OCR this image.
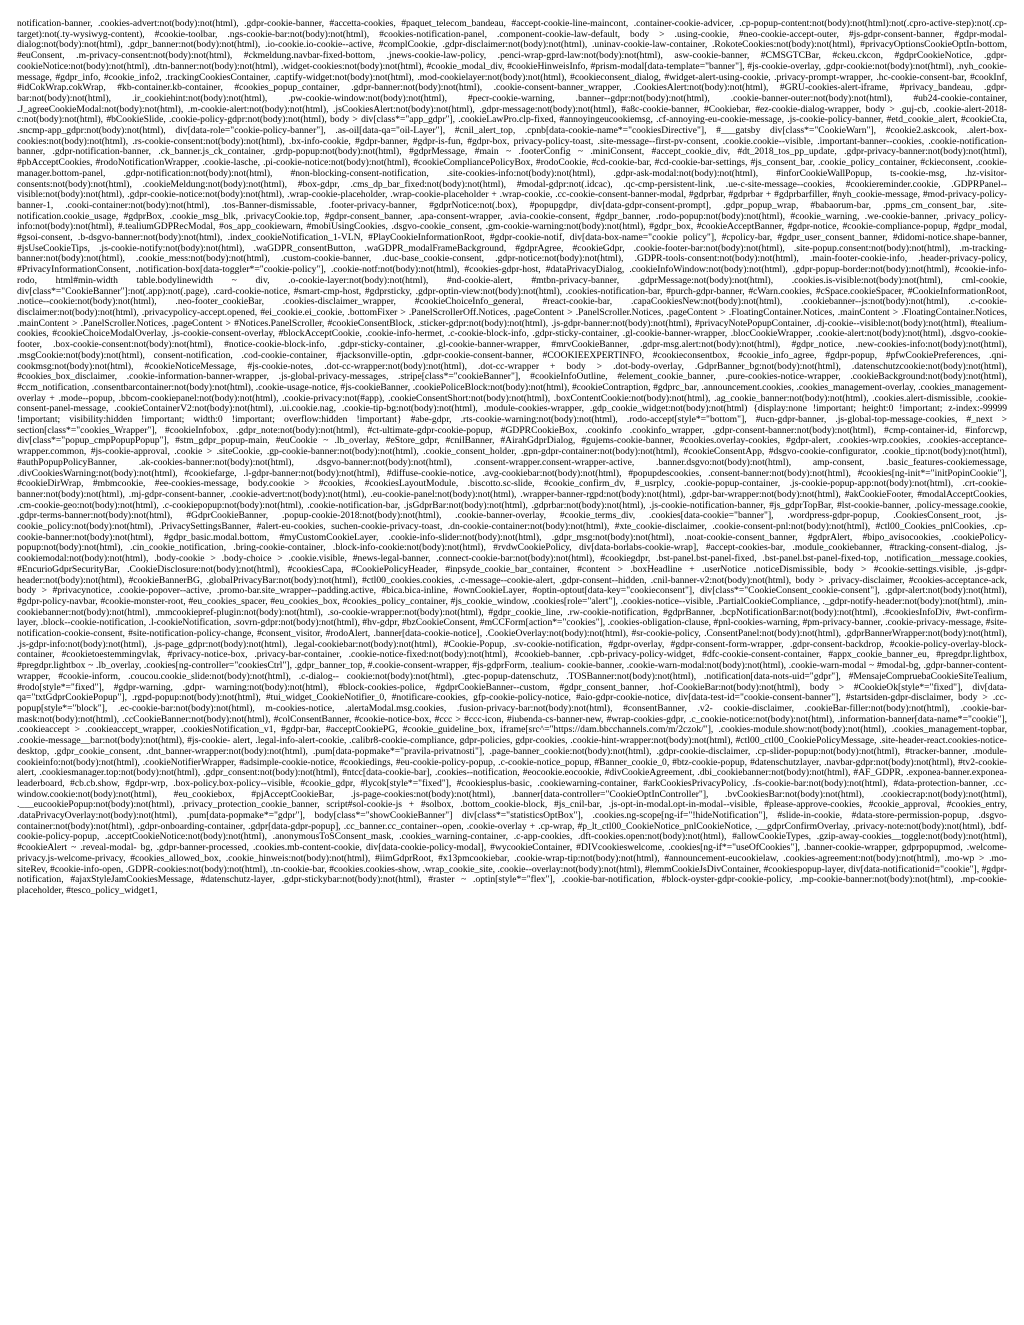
notification-banner, .cookies-advert:not(body):not(html), .gdpr-cookie-banner, #accetta-cookies, #paquet_telecom_bandeau, #accept-cookie-line-maincont, .container-cookie-advicer, .cp-popup-content:not(body):not(html):not(.cpro-active-step):not(.cp-target):not(.ty-wysiwyg-content), #cookie-toolbar, .ngs-cookie-bar:not(body):not(html), #cookies-notification-panel, .component-cookie-law-default, body > .using-cookie, #neo-cookie-accept-outer, #js-gdpr-consent-banner, #gdpr-modal-dialog:not(body):not(html), .gdpr_banner:not(body):not(html), .io-cookie.io-cookie--active, #complCookie, .gdpr-disclaimer:not(body):not(html), .uninav-cookie-law-container, .RokoteCookies:not(body):not(html), #privacyOptionsCookieOptIn-bottom, #euConsent, .m-privacy-consent:not(body):not(html), #ckmeldung.navbar-fixed-bottom, .jnews-cookie-law-policy, .penci-wrap-gprd-law:not(body):not(html), asw-cookie-banner, #CMSGTCBar, #ckeu.ckcon, #gdprCookieNotice, .gdpr-cookieNotice:not(body):not(html), .dtn-banner:not(body):not(html), .widget-cookies:not(body):not(html), #cookie_modal_div, #cookieHinweisInfo, #prism-modal[data-template="banner"], #js-cookie-overlay, .gdpr-cookie:not(body):not(html), .nyh_cookie-message, #gdpr_info, #cookie_info2, .trackingCookiesContainer, .captify-widget:not(body):not(html), .mod-cookielayer:not(body):not(html), #cookieconsent_dialog, #widget-alert-using-cookie, .privacy-prompt-wrapper, .hc-cookie-consent-bar, #cookInf, #idCokWrap.cokWrap, #kb-container.kb-container, #cookies_popup_container, .gdpr-banner:not(body):not(html), .cookie-consent-banner_wrapper, .CookiesAlert:not(body):not(html), #GRU-cookies-alert-iframe, #privacy_bandeau, .gdpr-bar:not(body):not(html), .ir_cookiehint:not(body):not(html), .pw-cookie-window:not(body):not(html), #pecr-cookie-warning, .banner--gdpr:not(body):not(html), .cookie-banner-outer:not(body):not(html), #ub24-cookie-container, .J_agreeCookieModal:not(body):not(html), .m-cookie-alert:not(body):not(html), .jsCookiesAlert:not(body):not(html), .gdpr-message:not(body):not(html), #a8c-cookie-banner, #Cookiebar, #ez-cookie-dialog-wrapper, body > .guj-cb, .cookie-alert-2018-c:not(body):not(html), #bCookieSlide, .cookie-policy-gdpr:not(body):not(html), body > div[class*="app_gdpr"], .cookieLawPro.clp-fixed, #annoyingeucookiemsg, .cf-annoying-eu-cookie-message, .js-cookie-policy-banner, #etd_cookie_alert, #cookieCta, .sncmp-app_gdpr:not(body):not(html), div[data-role="cookie-policy-banner"], .as-oil[data-qa="oil-Layer"], #cnil_alert_top, .cpnb[data-cookie-name*="cookiesDirective"], #___gatsby div[class*="CookieWarn"], #cookie2.askcook, .alert-box-cookies:not(body):not(html), .rs-cookie-consent:not(body):not(html), .bx-info-cookie, #gdpr-banner, #gdpr-is-fun, #gdpr-box, privacy-policy-toast, .site-message--first-pv-consent, .cookie.cookie--visible, .important-banner--cookies, .cookie-notification-banner, .gdpr-notification-banner, .ck_banner.js_ck_container, .grdp-popup:not(body):not(html), #gdprMessage, #main ~ .footerConfig ~ .miniConsent, #accept_cookie_div, #dt_2018_tos_pp_update, .gdpr-privacy-banner:not(body):not(html), #pbAcceptCookies, #rodoNotificationWrapper, .cookie-lasche, .pi-cookie-notice:not(body):not(html), #cookieCompliancePolicyBox, #rodoCookie, #cd-cookie-bar, #cd-cookie-bar-settings, #js_consent_bar, .cookie_policy_container, #ckieconsent, .cookie-manager.bottom-panel, .gdpr-notification:not(body):not(html), #non-blocking-consent-notification, .site-cookies-info:not(body):not(html), .gdpr-ask-modal:not(body):not(html), #inforCookieWallPopup, ts-cookie-msg, .hz-visitor-consents:not(body):not(html), .cookieMeldung:not(body):not(html), #box-gdpr, .cms_dp_bar_fixed:not(body):not(html), #modal-gdpr:not(.idcac), .qc-cmp-persistent-link, .ue-c-site-message--cookies, #cookiereminder.cookie, .GDPRPanel--visible:not(body):not(html), .gdpr-cookie-notice:not(body):not(html), .wrap-cookie-placeholder, .wrap-cookie-placeholder + .wrap-cookie, .cc-cookie-consent-banner-modal, #gdprbar, #gdprbar + #gdprbarfiller, #nyh_cookie-message, #mod-privacy-policy-banner-1, .cooki-container:not(body):not(html), .tos-Banner-dismissable, .footer-privacy-banner, #gdprNotice:not(.box), #popupgdpr, div[data-gdpr-consent-prompt], .gdpr_popup_wrap, #babaorum-bar, .ppms_cm_consent_bar, .site-notification.cookie_usage, #gdprBox, .cookie_msg_blk, .privacyCookie.top, #gdpr-consent_banner, .apa-consent-wrapper, .avia-cookie-consent, #gdpr_banner, .rodo-popup:not(body):not(html), #cookie_warning, .we-cookie-banner, .privacy_policy-info:not(body):not(html), #.tealiumGDPRecModal, #os_app_cookiewarn, #mobiUsingCookies, .dsgvo-cookie_consent, .gm-cookie-warning:not(body):not(html), #gdpr_box, #cookieAcceptBanner, #gdpr-notice, #cookie-compliance-popup, #gdpr_modal, #gsoi-consent, .b-dsgvo-banner:not(body):not(html), .index_cookieNotification_1-VLN, #PlayCookieInformationRoot, #gdpr-cookie-notif, div[data-box-name="cookie policy"], #cpolicy-bar, #gdpr_user_consent_banner, #didomi-notice.shape-banner, #jsUseCookieTips, .js-cookie-notify:not(body):not(html), .waGDPR_consentButton, .waGDPR_modalFrameBackground, #gdprAgree, #cookieGdpr, .cookie-footer-bar:not(body):not(html), .site-popup.consent:not(body):not(html), .m-tracking-banner:not(body):not(html), .cookie_mess:not(body):not(html), .custom-cookie-banner, .duc-base_cookie-consent, .gdpr-notice:not(body):not(html), .GDPR-tools-consent:not(body):not(html), .main-footer-cookie-info, .header-privacy-policy, #PrivacyInformationConsent, .notification-box[data-toggler*="cookie-policy"], .cookie-notf:not(body):not(html), #cookies-gdpr-host, #dataPrivacyDialog, .cookieInfoWindow:not(body):not(html), .gdpr-popup-border:not(body):not(html), #cookie-info-rodo, html#min-width table.bodylinewidth ~ div, .o-cookie-layer:not(body):not(html), #nd-cookie-alert, #mtbn-privacy-banner, .gdprMessage:not(body):not(html), .cookies.is-visible:not(body):not(html), cml-cookie, div[class*="CookieBanner"]:not(.app):not(.page), .card-cookie-notice, #smart-cmp-host, #gdprsticky, .gdpr-optin-view:not(body):not(html), .cookies-notification-bar, #purch-gdpr-banner, #cWarn.cookies, #cSpace.cookieSpacer, #CookieInformationRoot, .notice--cookie:not(body):not(html), .neo-footer_cookieBar, .cookies-disclaimer_wrapper, #cookieChoiceInfo_general, #react-cookie-bar, .capaCookiesNew:not(body):not(html), .cookiebanner--js:not(body):not(html), .c-cookie-disclaimer:not(body):not(html), .privacypolicy-accept.opened, #ei_cookie.ei_cookie, .bottomFixer > .PanelScrollerOff.Notices, .pageContent > .PanelScroller.Notices, .pageContent > .FloatingContainer.Notices, .mainContent > .FloatingContainer.Notices, .mainContent > .PanelScroller.Notices, .pageContent > #Notices.PanelScroller, #cookieConsentBlock, .sticker-gdpr:not(body):not(html), .js-gdpr-banner:not(body):not(html), #privacyNotePopupContainer, .dj-cookie--visible:not(body):not(html), #tealium-cookies, #cookieChoiceModalOverlay, .js-cookie-consent-overlay, #blockAcceptCookie, .cookie-info-hermet, .c-cookie-block-info, .gdpr-sticky-container, .gl-cookie-banner-wrapper, .blocCookieWrapper, .cookie-alert:not(body):not(html), .dsgvo-cookie-footer, .box-cookie-consent:not(body):not(html), #notice-cookie-block-info, .gdpr-sticky-container, .gl-cookie-banner-wrapper, #mrvCookieBanner, .gdpr-msg.alert:not(body):not(html), #gdpr_notice, .new-cookies-info:not(body):not(html), .msgCookie:not(body):not(html), consent-notification, .cod-cookie-container, #jacksonville-optin, .gdpr-cookie-consent-banner, #COOKIEEXPERTINFO, #cookieconsentbox, #cookie_info_agree, #gdpr-popup, #pfwCookiePreferences, .qni-cookmsg:not(body):not(html), #cookieNoticeMessage, #js-cookie-notes, .dot-cc-wrapper:not(body):not(html), .dot-cc-wrapper + body > .dot-body-overlay, .GdprBanner_bg:not(body):not(html), .datenschutzcookie:not(body):not(html), #cookies_box_disclaimer, .cookie-information-banner-wrapper, .js-global-privacy-messages, .stripe[class*="cookieBanner"], #cookieInfoOutline, #element_cookie_banner, .pure-cookies-notice-wrapper, .cookieBackground:not(body):not(html), #ccm_notification, .consentbarcontainer:not(body):not(html), .cookie-usage-notice, #js-cookieBanner, .cookiePoliceBlock:not(body):not(html), #cookieContraption, #gdprc_bar, .announcement.cookies, .cookies_management-overlay, .cookies_management-overlay + .mode--popup, .bbcom-cookiepanel:not(body):not(html), .cookie-privacy:not(#app), .cookieConsentShort:not(body):not(html), .boxContentCookie:not(body):not(html), .ag_cookie_banner:not(body):not(html), .cookies.alert-dismissible, .cookie-consent-panel-message, .cookieContainerV2:not(body):not(html), .ui.cookie.nag, .cookie-tip-bg:not(body):not(html), .module-cookies-wrapper, .gdp_cookie_widget:not(body):not(html) {display:none !important; height:0 !important; z-index:-99999 !important; visibility:hidden !important; width:0 !important; overflow:hidden !important} #abe-gdpr, .rts-cookie-warning:not(body):not(html), .rodo-accept[style*="bottom"], #ucn-gdpr-banner, .js-global-top-message-cookies, #_next > section[class*="cookies_Wrapper"], #cookieInfobox, .gdpr_note:not(body):not(html), #ct-ultimate-gdpr-cookie-popup, #GDPRCookieBox, .cookinfo .cookinfo_wrapper, .gdpr-consent-banner:not(body):not(html), #cmp-container-id, #inforcwp, div[class*="popup_cmpPopupPopup"], #stm_gdpr_popup-main, #euCookie ~ .lb_overlay, #eStore_gdpr, #cnilBanner, #AirahGdprDialog, #gujems-cookie-banner, #cookies.overlay-cookies, #gdpr-alert, .cookies-wrp.cookies, .cookies-acceptance-wrapper.common, #js-cookie-approval, .cookie > .siteCookie, .gp-cookie-banner:not(body):not(html), .cookie_consent_holder, .gpn-gdpr-container:not(body):not(html), #cookieConsentApp, #dsgvo-cookie-configurator, .cookie_tip:not(body):not(html), #authPopupPolicyBanner, .ak-cookies-banner:not(body):not(html), .dsgvo-banner:not(body):not(html), .consent-wrapper.consent-wrapper-active, .banner.dsgvo:not(body):not(html), amp-consent, .basic_features-cookiemessage, .divCookiesWarning:not(body):not(html), #cookiefarge, .l-gdpr-banner:not(body):not(html), #diffuse-cookie-notice, .avg-cookiebar:not(body):not(html), #popupdescookies, .consent-banner:not(body):not(html), #cookies[ng-init*="initPopinCookie"], #cookieDirWrap, #mbmcookie, #ee-cookies-message, body.cookie > #cookies, #cookiesLayoutModule, .biscotto.sc-slide, #cookie_confirm_dv, #_usrplcy, .cookie-popup-container, .js-cookie-popup-app:not(body):not(html), .crt-cookie-banner:not(body):not(html), .mj-gdpr-consent-banner, .cookie-advert:not(body):not(html), .eu-cookie-panel:not(body):not(html), .wrapper-banner-rgpd:not(body):not(html), .gdpr-bar-wrapper:not(body):not(html), #akCookieFooter, #modalAcceptCookies, .cm-cookie-geo:not(body):not(html), .c-cookiepopup:not(body):not(html), .cookie-notification-bar, .jsGdprBar:not(body):not(html), .gdprbar:not(body):not(html), .js-cookie-notification-banner, #js_gdprTopBar, #lst-cookie-banner, .policy-message.cookie, .gdpr-terms-banner:not(body):not(html), #GdprCookieBanner, .popup-cookie-2018:not(body):not(html), .cookie-banner-overlay, #cookie_terms_div, .cookies[data-cookie="banner"], .wordpress-gdpr-popup, .CookiesConsent_root, .js-cookie_policy:not(body):not(html), .PrivacySettingsBanner, #alert-eu-cookies, suchen-cookie-privacy-toast, .dn-cookie-container:not(body):not(html), #xte_cookie-disclaimer, .cookie-consent-pnl:not(body):not(html), #ctl00_Cookies_pnlCookies, .cp-cookie-banner:not(body):not(html), #gdpr_basic.modal.bottom, #myCustomCookieLayer, .cookie-info-slider:not(body):not(html), .gdpr_msg:not(body):not(html), .noat-cookie-consent_banner, #gdprAlert, #bipo_avisocookies, .cookiePolicy-popup:not(body):not(html), .cin_cookie_notification, .bring-cookie-container, .block-info-cookie:not(body):not(html), #rvdwCookiePolicy, div[data-borlabs-cookie-wrap], #accept-cookies-bar, .module_cookiebanner, #tracking-consent-dialog, .js-cookiemodal:not(body):not(html), .body-cookie > .body-choice > .cookie.visible, #news-legal-banner, .connect-cookie-bar:not(body):not(html), #cookiegdpr, .bst-panel.bst-panel-fixed, .bst-panel.bst-panel-fixed-top, .notification__message.cookies, #EncurioGdprSecurityBar, .CookieDisclosure:not(body):not(html), #cookiesCapa, #CookiePolicyHeader, #inpsyde_cookie_bar_container, #content > .boxHeadline + .userNotice .noticeDismissible, body > #cookie-settings.visible, .js-gdpr-header:not(body):not(html), #cookieBannerBG, .globalPrivacyBar:not(body):not(html), #ctl00_cookies.cookies, .c-message--cookie-alert, .gdpr-consent--hidden, .cnil-banner-v2:not(body):not(html), body > .privacy-disclaimer, #cookies-acceptance-ack, body > #privacynotice, .cookie-popover--active, .promo-bar.site_wrapper--padding.active, #bica.bica-inline, #ownCookieLayer, #optin-optout[data-key="cookieconsent"], div[class*="CookieConsent_cookie-consent"], .gdpr-alert:not(body):not(html), #gdpr-policy-navbar, #cookie-monster-root, #eu_cookies_spacer, #eu_cookies_box, #cookies_policy_container, #js_cookie_window, .cookies[role="alert"], .cookies-notice--visible, .PartialCookieCompliance, ._gdpr-notify-header:not(body):not(html), .min-cookiebanner:not(body):not(html), .mmcookiepref-plugin:not(body):not(html), .so-cookie-wrapper:not(body):not(html), #gdpr_cookie_line, .rw-cookie-notification, #gdprBanner, .bcpNotificationBar:not(body):not(html), .#cookiesInfoDiv, #wt-confirm-layer, .block--cookie-notification, .l-cookieNotification, .sovrn-gdpr:not(body):not(html), #hv-gdpr, #bzCookieConsent, #mCCForm[action*="cookies"], .cookies-obligation-clause, #pnl-cookies-warning, #pm-privacy-banner, .cookie-privacy-message, #site-notification-cookie-consent, #site-notification-policy-change, #consent_visitor, #rodoAlert, .banner[data-cookie-notice], .CookieOverlay:not(body):not(html), #sr-cookie-policy, .ConsentPanel:not(body):not(html), .gdprBannerWrapper:not(body):not(html), .js-gdpr-info:not(body):not(html), .js-page_gdpr:not(body):not(html), .legal-cookiebar:not(body):not(html), #Cookie-Popup, .sv-cookie-notification, #gdpr-overlay, #gdpr-consent-form-wrapper, .gdpr-consent-backdrop, #cookie-policy-overlay-block-container, #cookietoestemmingvlak, #privacy-notice-box, .privacy-bar-container, .cookie-notice-fixed:not(body):not(html), #cookieb-banner, .cpb-privacy-policy-widget, #dfc-cookie-consent-container, #appx_cookie_banner_eu, #pregdpr.lightbox, #pregdpr.lightbox ~ .lb_overlay, .cookies[ng-controller="cookiesCtrl"], .gdpr_banner_top, #.cookie-consent-wrapper, #js-gdprForm, .tealium- cookie-banner, .cookie-warn-modal:not(body):not(html), .cookie-warn-modal ~ #modal-bg, .gdpr-banner-content-wrapper, #cookie-inform, .coucou.cookie_slide:not(body):not(html), .c-dialog-- cookie:not(body):not(html), .gtec-popup-datenschutz, .TOSBanner:not(body):not(html), .notification[data-nots-uid="gdpr"], #MensajeCompruebaCookieSiteTealium, #rodo[style*="fixed"], #gdpr-warning, .gdpr- warning:not(body):not(html), #block-cookies-police, #gdprCookieBanner--custom, #gdpr_consent_banner, .hof-CookieBar:not(body):not(html), body > #CookieOk[style*="fixed"], div[data- qa="txtGdprCookiePopup"], .rgpd-popup:not(body):not(html), #tui_widget_CookieNotifier_0, #notificare-cookies, gfp-cookie-policy-notice, #aio-gdpr-cookie-notice, div[data-test-id="cookie-consent-banner"], #startsiden-gdpr-disclaimer, body > .cc-popup[style*="block"], .ec-cookie-bar:not(body):not(html), m-cookies-notice, .alertaModal.msg.cookies, .fusion-privacy-bar:not(body):not(html), #consentBanner, .v2- cookie-disclaimer, .cookieBar-filler:not(body):not(html), .cookie-bar-mask:not(body):not(html), .ccCookieBanner:not(body):not(html), #colConsentBanner, #cookie-notice-box, #ccc > #ccc-icon, #iubenda-cs-banner-new, #wrap-cookies-gdpr, .c_cookie-notice:not(body):not(html), .information-banner[data-name*="cookie"], .cookieaccept > .cookieaccept_wrapper, .cookiesNotification_v1, #gdpr-bar, #acceptCookiePG, #cookie_guideline_box, iframe[src^="https://dam.bbcchannels.com/m/2czok/"], .cookies-module.show:not(body):not(html), .cookies_management-topbar, .cookie-message__bar:not(body):not(html), #js-cookie- alert, .legal-info-alert-cookie, .calibr8-cookie-compliance, gdpr-policies, gdpr-cookies, .cookie-hint-wrapper:not(body):not(html), #ctl00_ctl00_CookiePolicyMessage, .site-header-react.cookies-notice-desktop, .gdpr_cookie_consent, .dnt_banner-wrapper:not(body):not(html), .pum[data-popmake*="pravila-privatnosti"], .page-banner_cookie:not(body):not(html), .gdpr-cookie-disclaimer, .cp-slider-popup:not(body):not(html), #tracker-banner, .module-cookieinfo:not(body):not(html), .cookieNotifierWrapper, #adsimple-cookie-notice, #cookiedings, #eu-cookie-policy-popup, .c-cookie-notice_popup, #Banner_cookie_0, #btz-cookie-popup, #datenschutzlayer, .navbar-gdpr:not(body):not(html), #tv2-cookie-alert, .cookiesmanager.top:not(body):not(html), .gdpr_consent:not(body):not(html), #ntcc[data-cookie-bar], .cookies--notification, #eocookie.eocookie, #divCookieAgreement, .dbi_cookiebanner:not(body):not(html), #AF_GDPR, .exponea-banner.exponea-leaderboard, #cb.cb.show, #gdpr-wrp, .box-policy.box-policy--visible, #cookie_gdpr, #lycok[style*="fixed"], #cookiesplus-basic, .cookiewarning-container, #arkCookiesPrivacyPolicy, .fs-cookie-bar:not(body):not(html), #data-protection-banner, .cc-window.cookie:not(body):not(html), #eu_cookiebox, #pjAcceptCookieBar, .js-page-cookies:not(body):not(html), .banner[data-controller="CookieOptInController"], .bvCookiesBar:not(body):not(html), .cookiecrap:not(body):not(html), .___eucookiePopup:not(body):not(html), .privacy_protection_cookie_banner, script#sol-cookie-js + #solbox, .bottom_cookie-block, #js_cnil-bar, .js-opt-in-modal.opt-in-modal--visible, #please-approve-cookies, #cookie_approval, #cookies_entry, .dataPrivacyOverlay:not(body):not(html), .pum[data-popmake*="gdpr"], body[class*="showCookieBanner"] div[class*="statisticsOptBox"], .cookies.ng-scope[ng-if="!hideNotification"], #slide-in-cookie, #data-store-permission-popup, .dsgvo-container:not(body):not(html), .gdpr-onboarding-container, .gdpr[data-gdpr-popup], .cc_banner.cc_container--open, .cookie-overlay + .cp-wrap, #p_lt_ctl00_CookieNotice_pnlCookieNotice, .__gdprConfirmOverlay, .privacy-note:not(body):not(html), .bdf-cookie-policy-popup, .acceptCookieNotice:not(body):not(html), .anonymousToSConsent_mask, .cookies_warning-container, .c-app-cookies, .dft-cookies.open:not(body):not(html), #allowCookieTypes, .gzip-away-cookies__toggle:not(body):not(html), #cookieAlert ~ .reveal-modal- bg, .gdpr-banner-processed, .cookies.mb-content-cookie, div[data-cookie-policy-modal], #wycookieContainer, #DIVcookieswelcome, .cookies[ng-if*="useOfCookies"], .banner-cookie-wrapper, gdprpopupmod, .welcome-privacy.js-welcome-privacy, #cookies_allowed_box, .cookie_hinweis:not(body):not(html), #iimGdprRoot, #x13pmcookiebar, .cookie-wrap-tip:not(body):not(html), #announcement-eucookielaw, .cookies-agreement:not(body):not(html), .mo-wp > .mo-siteRev, #cookie-info-open, .GDPR-cookies:not(body):not(html), .tn-cookie-bar, #cookies.cookies-show, .wrap_cookie_site, .cookie--overlay:not(body):not(html), #lemmCookieJsDivContainer, #cookiespopup-layer, div[data-notificationid="cookie"], #gdpr-notification, #ajaxStyleJamCookiesMessage, #datenschutz-layer, .gdpr-stickybar:not(body):not(html), #raster ~ .optin[style*="flex"], .cookie-bar-notification, #block-oyster-gdpr-cookie-policy, .mp-cookie-banner:not(body):not(html), .mp-cookie-placeholder, #tesco_policy_widget1,
